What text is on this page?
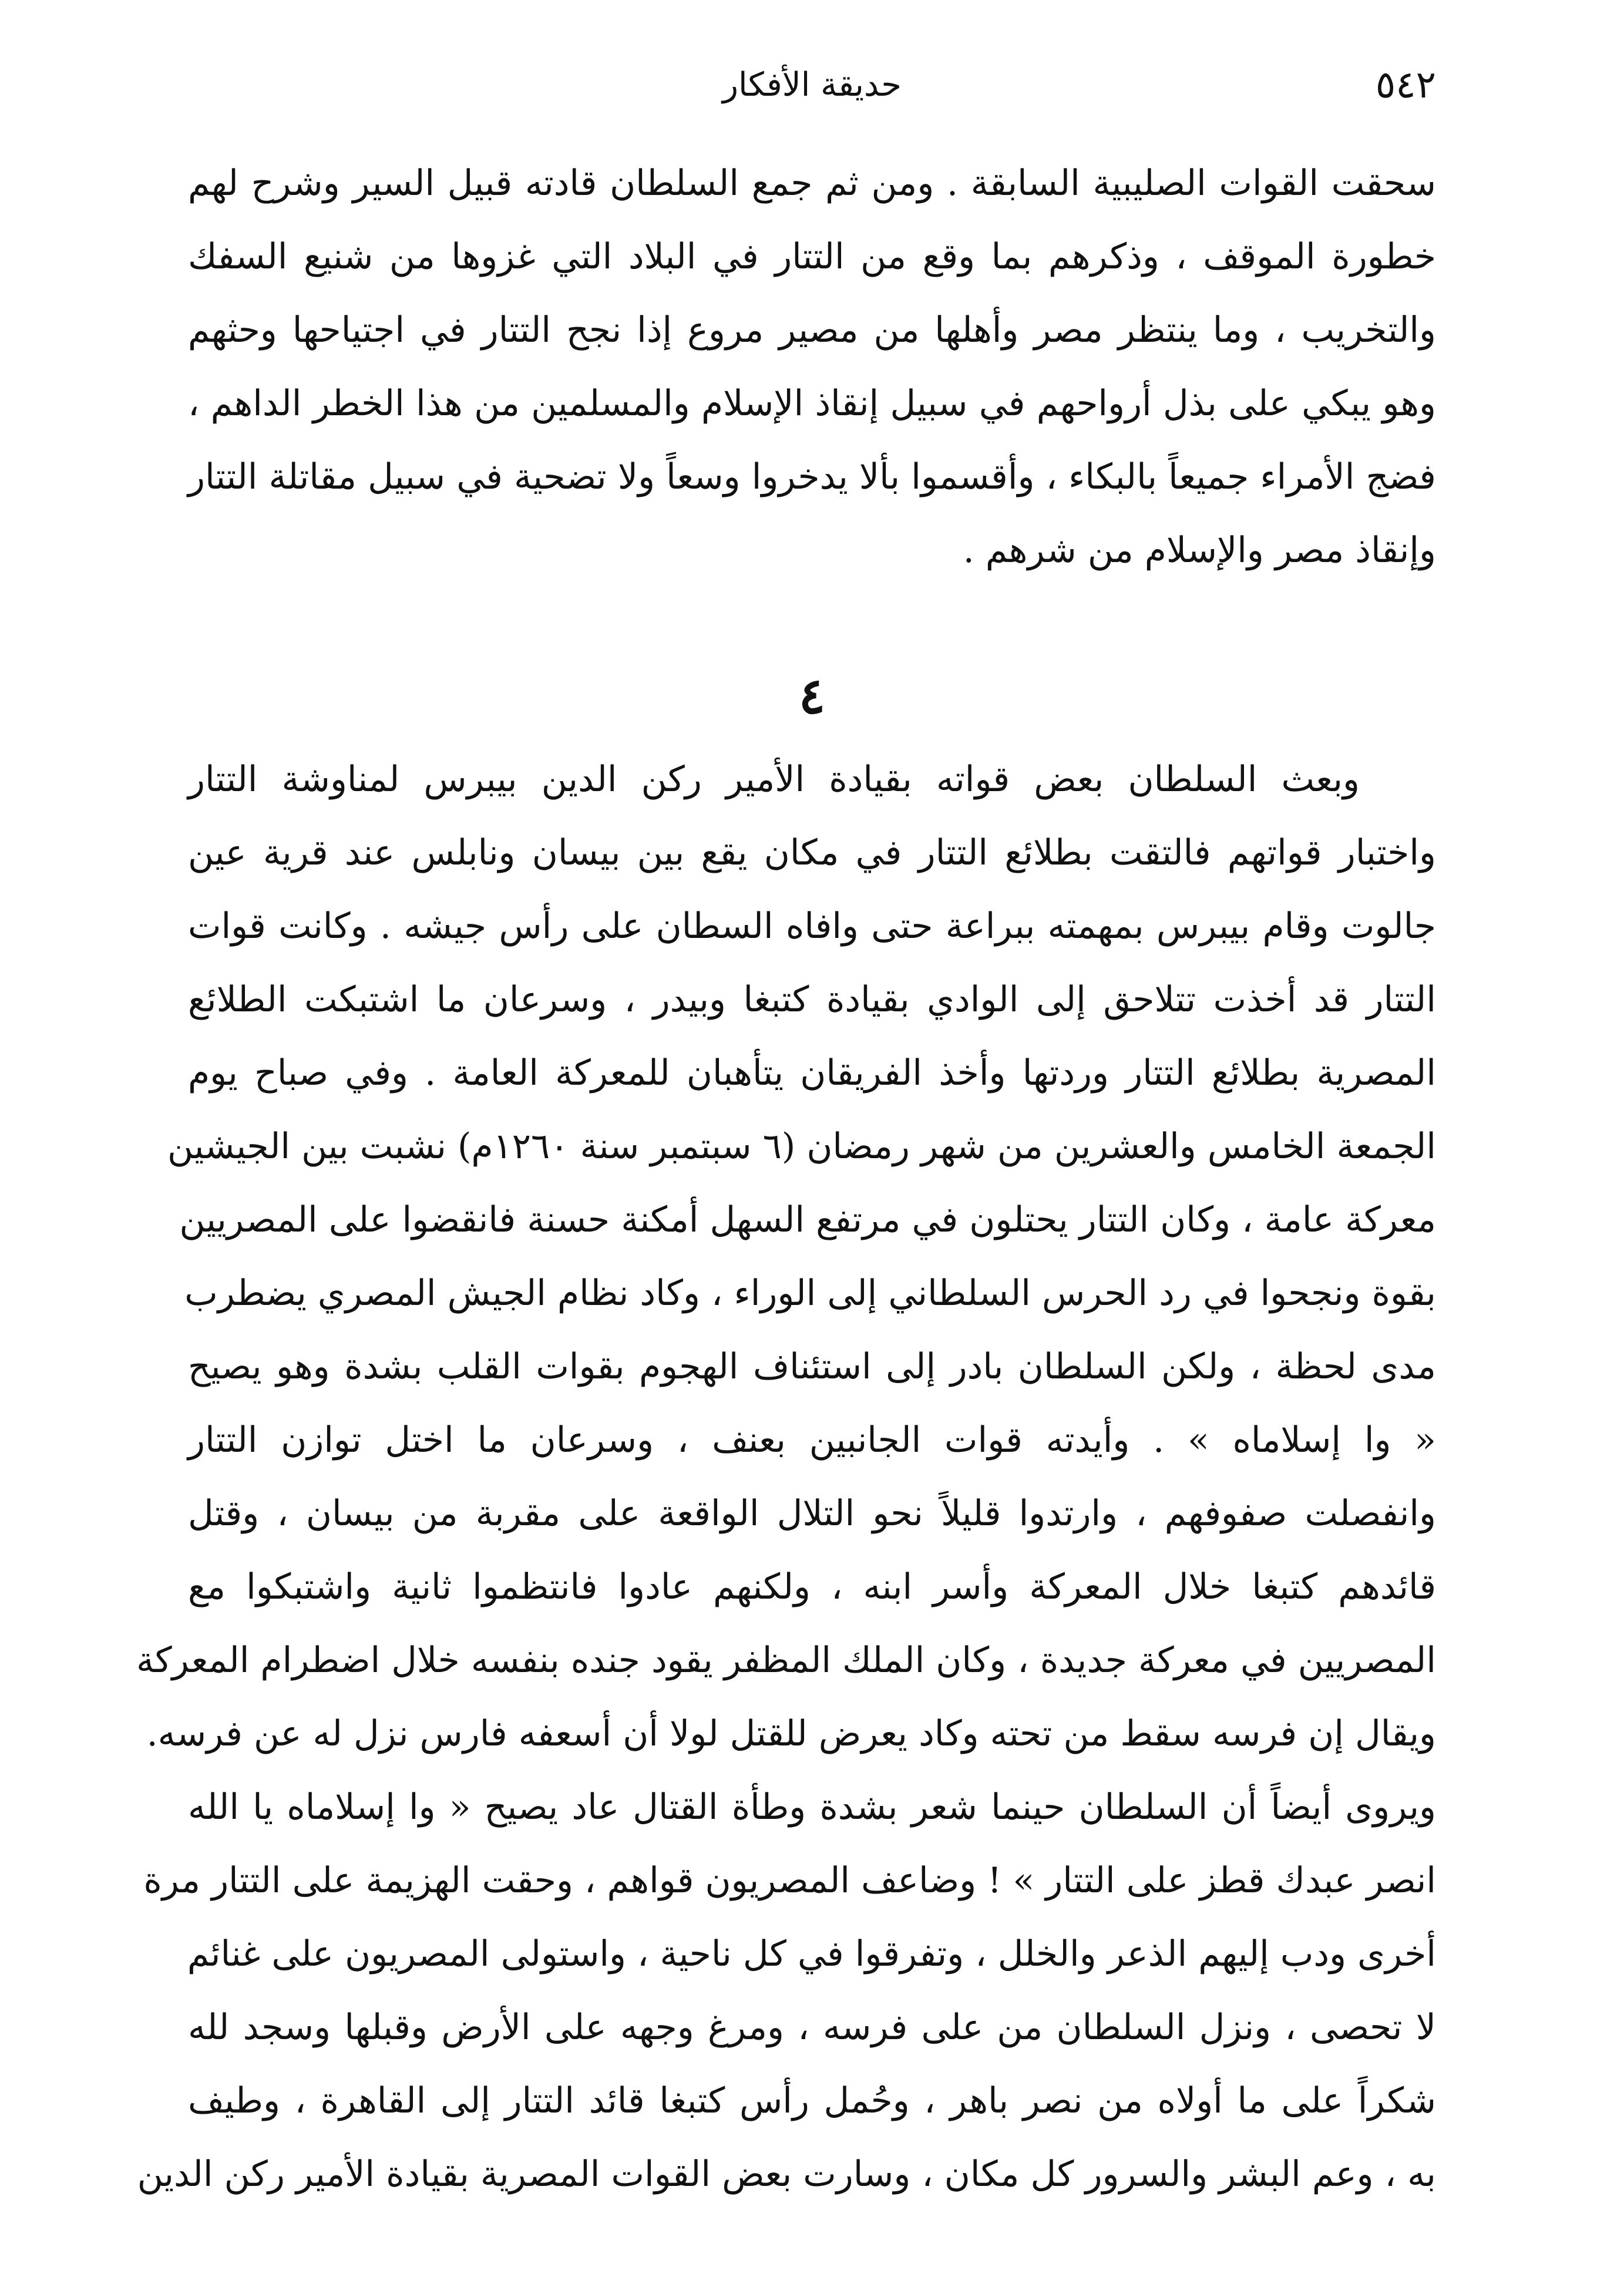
٥٤٢
حديقة الأفكار
سحقت القوات الصليبية السابقة . ومن ثم جمع السلطان قادته قبيل السير وشرح لهم
خطورة الموقف ، وذكرهم بما وقع من التتار في البلاد التي غزوها من شنيع السفك
والتخريب ، وما ينتظر مصر وأهلها من مصير مروع إذا نجح التتار في اجتياحها وحثهم
وهو يبكي على بذل أرواحهم في سبيل إنقاذ الإسلام والمسلمين من هذا الخطر الداهم ،
فضج الأمراء جميعاً بالبكاء ، وأقسموا بألا يدخروا وسعاً ولا تضحية في سبيل مقاتلة التتار
وإنقاذ مصر والإسلام من شرهم .
٤
وبعث السلطان بعض قواته بقيادة الأمير ركن الدين بيبرس لمناوشة التتار
واختبار قواتهم فالتقت بطلائع التتار في مكان يقع بين بيسان ونابلس عند قرية عين
جالوت وقام بيبرس بمهمته ببراعة حتى وافاه السطان على رأس جيشه . وكانت قوات
التتار قد أخذت تتلاحق إلى الوادي بقيادة كتبغا وبيدر ، وسرعان ما اشتبكت الطلائع
المصرية بطلائع التتار وردتها وأخذ الفريقان يتأهبان للمعركة العامة . وفي صباح يوم
الجمعة الخامس والعشرين من شهر رمضان (٦ سبتمبر سنة ١٢٦٠م) نشبت بين الجيشين
معركة عامة ، وكان التتار يحتلون في مرتفع السهل أمكنة حسنة فانقضوا على المصريين
بقوة ونجحوا في رد الحرس السلطاني إلى الوراء ، وكاد نظام الجيش المصري يضطرب
مدى لحظة ، ولكن السلطان بادر إلى استئناف الهجوم بقوات القلب بشدة وهو يصيح
« وا إسلاماه » . وأيدته قوات الجانبين بعنف ، وسرعان ما اختل توازن التتار
وانفصلت صفوفهم ، وارتدوا قليلاً نحو التلال الواقعة على مقربة من بيسان ، وقتل
قائدهم كتبغا خلال المعركة وأسر ابنه ، ولكنهم عادوا فانتظموا ثانية واشتبكوا مع
المصريين في معركة جديدة ، وكان الملك المظفر يقود جنده بنفسه خلال اضطرام المعركة
ويقال إن فرسه سقط من تحته وكاد يعرض للقتل لولا أن أسعفه فارس نزل له عن فرسه.
ويروى أيضاً أن السلطان حينما شعر بشدة وطأة القتال عاد يصيح « وا إسلاماه يا الله
انصر عبدك قطز على التتار » ! وضاعف المصريون قواهم ، وحقت الهزيمة على التتار مرة
أخرى ودب إليهم الذعر والخلل ، وتفرقوا في كل ناحية ، واستولى المصريون على غنائم
لا تحصى ، ونزل السلطان من على فرسه ، ومرغ وجهه على الأرض وقبلها وسجد لله
شكراً على ما أولاه من نصر باهر ، وحُمل رأس كتبغا قائد التتار إلى القاهرة ، وطيف
به ، وعم البشر والسرور كل مكان ، وسارت بعض القوات المصرية بقيادة الأمير ركن الدين
